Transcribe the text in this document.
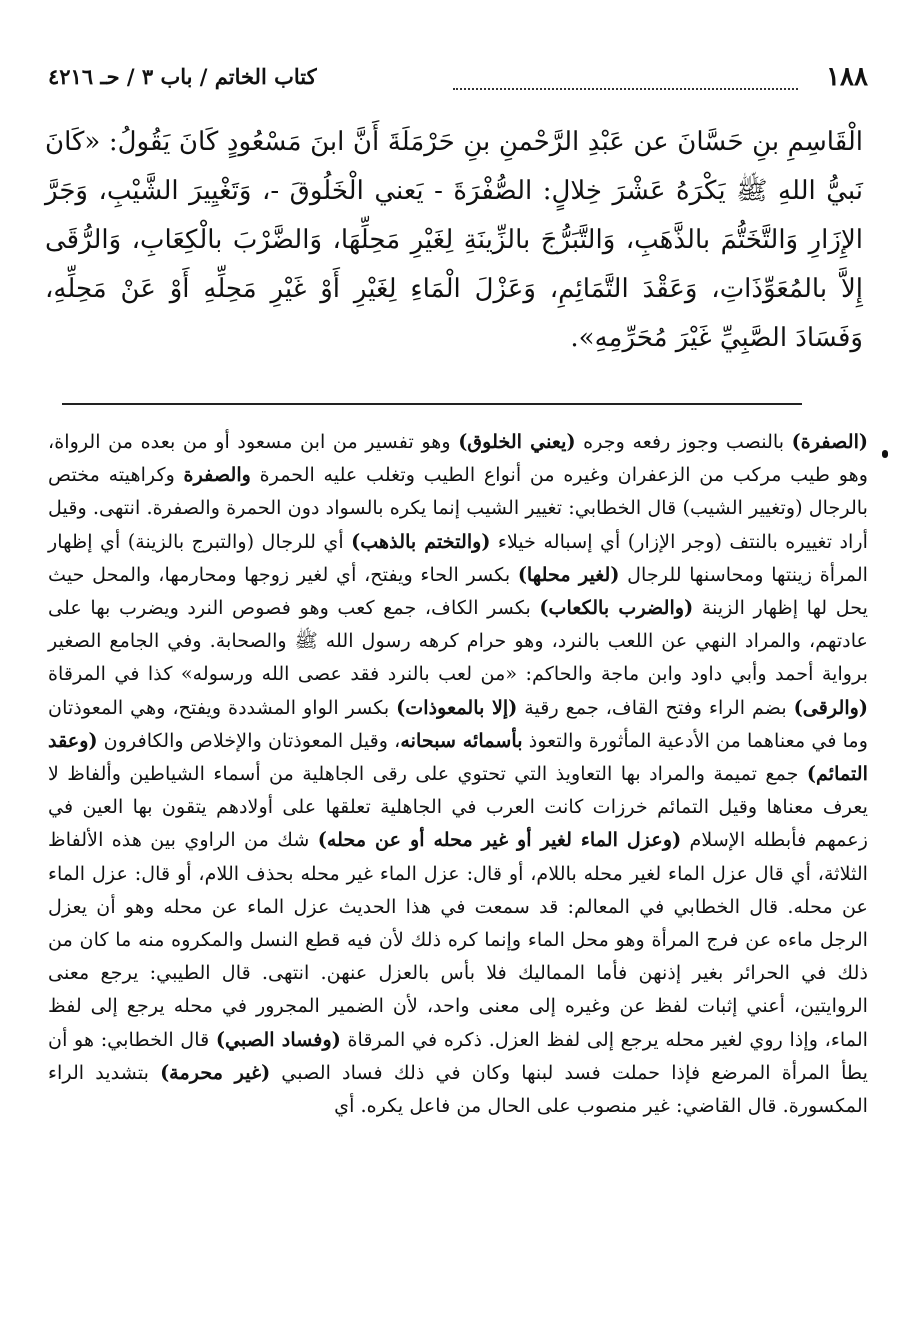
١٨٨
كتاب الخاتم / باب ٣ / حـ ٤٢١٦

الْقَاسِمِ بنِ حَسَّانَ عن عَبْدِ الرَّحْمنِ بنِ حَرْمَلَةَ أَنَّ ابنَ مَسْعُودٍ كَانَ يَقُولُ: «كَانَ نَبيُّ اللهِ ﷺ يَكْرَهُ عَشْرَ خِلالٍ: الصُّفْرَةَ - يَعني الْخَلُوقَ -، وَتَغْيِيرَ الشَّيْبِ، وَجَرَّ الإِزَارِ وَالتَّخَتُّمَ بالذَّهَبِ، وَالتَّبَرُّجَ بالزِّينَةِ لِغَيْرِ مَحِلِّهَا، وَالضَّرْبَ بالْكِعَابِ، وَالرُّقَى إِلاَّ بالمُعَوِّذَاتِ، وَعَقْدَ التَّمَائِمِ، وَعَزْلَ الْمَاءِ لِغَيْرِ أَوْ غَيْرِ مَحِلِّهِ أَوْ عَنْ مَحِلِّهِ، وَفَسَادَ الصَّبِيِّ غَيْرَ مُحَرِّمِهِ».

(الصفرة) بالنصب وجوز رفعه وجره (يعني الخلوق) وهو تفسير من ابن مسعود أو من بعده من الرواة، وهو طيب مركب من الزعفران وغيره من أنواع الطيب وتغلب عليه الحمرة والصفرة وكراهيته مختص بالرجال (وتغيير الشيب) قال الخطابي: تغيير الشيب إنما يكره بالسواد دون الحمرة والصفرة. انتهى. وقيل أراد تغييره بالنتف (وجر الإزار) أي إسباله خيلاء (والتختم بالذهب) أي للرجال (والتبرج بالزينة) أي إظهار المرأة زينتها ومحاسنها للرجال (لغير محلها) بكسر الحاء ويفتح، أي لغير زوجها ومحارمها، والمحل حيث يحل لها إظهار الزينة (والضرب بالكعاب) بكسر الكاف، جمع كعب وهو فصوص النرد ويضرب بها على عادتهم، والمراد النهي عن اللعب بالنرد، وهو حرام كرهه رسول الله ﷺ والصحابة. وفي الجامع الصغير برواية أحمد وأبي داود وابن ماجة والحاكم: «من لعب بالنرد فقد عصى الله ورسوله» كذا في المرقاة (والرقى) بضم الراء وفتح القاف، جمع رقية (إلا بالمعوذات) بكسر الواو المشددة ويفتح، وهي المعوذتان وما في معناهما من الأدعية المأثورة والتعوذ بأسمائه سبحانه، وقيل المعوذتان والإخلاص والكافرون (وعقد التمائم) جمع تميمة والمراد بها التعاويذ التي تحتوي على رقى الجاهلية من أسماء الشياطين وألفاظ لا يعرف معناها وقيل التمائم خرزات كانت العرب في الجاهلية تعلقها على أولادهم يتقون بها العين في زعمهم فأبطله الإسلام (وعزل الماء لغير أو غير محله أو عن محله) شك من الراوي بين هذه الألفاظ الثلاثة، أي قال عزل الماء لغير محله باللام، أو قال: عزل الماء غير محله بحذف اللام، أو قال: عزل الماء عن محله. قال الخطابي في المعالم: قد سمعت في هذا الحديث عزل الماء عن محله وهو أن يعزل الرجل ماءه عن فرج المرأة وهو محل الماء وإنما كره ذلك لأن فيه قطع النسل والمكروه منه ما كان من ذلك في الحرائر بغير إذنهن فأما المماليك فلا بأس بالعزل عنهن. انتهى. قال الطيبي: يرجع معنى الروايتين، أعني إثبات لفظ عن وغيره إلى معنى واحد، لأن الضمير المجرور في محله يرجع إلى لفظ الماء، وإذا روي لغير محله يرجع إلى لفظ العزل. ذكره في المرقاة (وفساد الصبي) قال الخطابي: هو أن يطأ المرأة المرضع فإذا حملت فسد لبنها وكان في ذلك فساد الصبي (غير محرمة) بتشديد الراء المكسورة. قال القاضي: غير منصوب على الحال من فاعل يكره. أي
